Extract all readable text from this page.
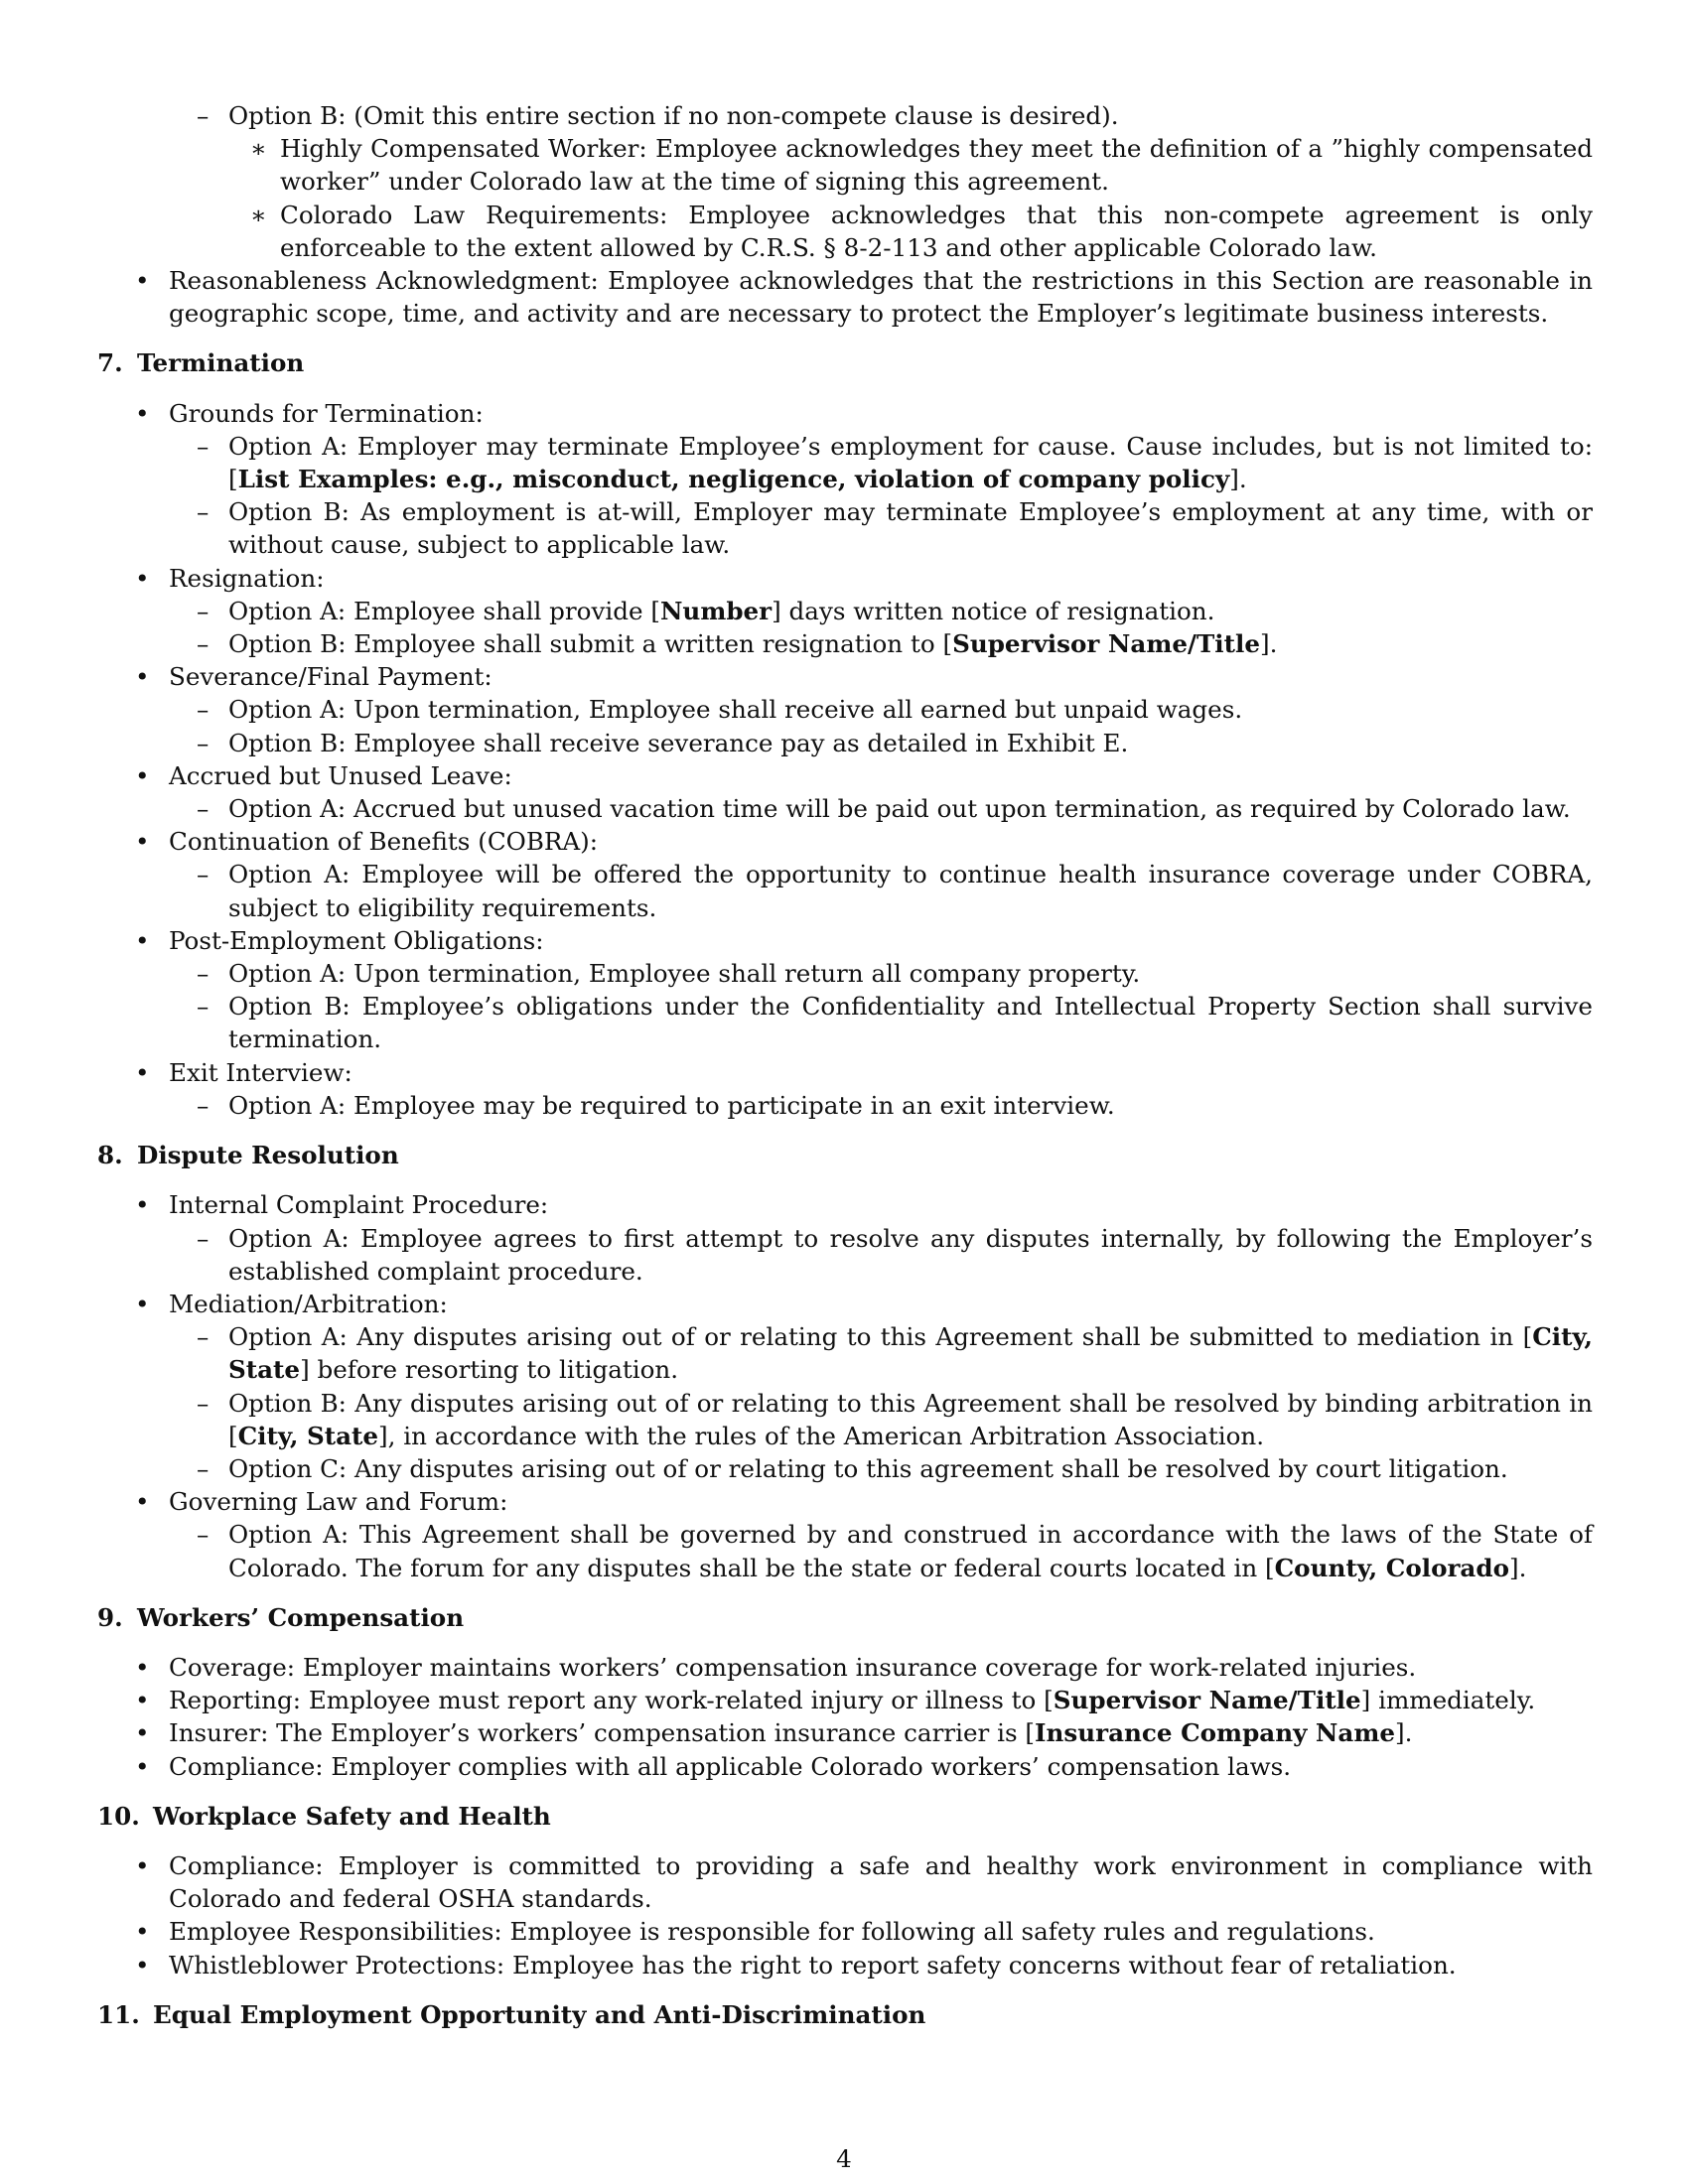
– Option B: (Omit this entire section if no non-compete clause is desired).
∗ Highly Compensated Worker: Employee acknowledges they meet the definition of a ”highly compensated worker” under Colorado law at the time of signing this agreement.
∗ Colorado Law Requirements: Employee acknowledges that this non-compete agreement is only enforceable to the extent allowed by C.R.S. § 8-2-113 and other applicable Colorado law.
• Reasonableness Acknowledgment: Employee acknowledges that the restrictions in this Section are reasonable in geographic scope, time, and activity and are necessary to protect the Employer’s legitimate business interests.
7. Termination
• Grounds for Termination:
– Option A: Employer may terminate Employee’s employment for cause. Cause includes, but is not limited to: [List Examples: e.g., misconduct, negligence, violation of company policy].
– Option B: As employment is at-will, Employer may terminate Employee’s employment at any time, with or without cause, subject to applicable law.
• Resignation:
– Option A: Employee shall provide [Number] days written notice of resignation.
– Option B: Employee shall submit a written resignation to [Supervisor Name/Title].
• Severance/Final Payment:
– Option A: Upon termination, Employee shall receive all earned but unpaid wages.
– Option B: Employee shall receive severance pay as detailed in Exhibit E.
• Accrued but Unused Leave:
– Option A: Accrued but unused vacation time will be paid out upon termination, as required by Colorado law.
• Continuation of Benefits (COBRA):
– Option A: Employee will be offered the opportunity to continue health insurance coverage under COBRA, subject to eligibility requirements.
• Post-Employment Obligations:
– Option A: Upon termination, Employee shall return all company property.
– Option B: Employee’s obligations under the Confidentiality and Intellectual Property Section shall survive termination.
• Exit Interview:
– Option A: Employee may be required to participate in an exit interview.
8. Dispute Resolution
• Internal Complaint Procedure:
– Option A: Employee agrees to first attempt to resolve any disputes internally, by following the Employer’s established complaint procedure.
• Mediation/Arbitration:
– Option A: Any disputes arising out of or relating to this Agreement shall be submitted to mediation in [City, State] before resorting to litigation.
– Option B: Any disputes arising out of or relating to this Agreement shall be resolved by binding arbitration in [City, State], in accordance with the rules of the American Arbitration Association.
– Option C: Any disputes arising out of or relating to this agreement shall be resolved by court litigation.
• Governing Law and Forum:
– Option A: This Agreement shall be governed by and construed in accordance with the laws of the State of Colorado. The forum for any disputes shall be the state or federal courts located in [County, Colorado].
9. Workers’ Compensation
• Coverage: Employer maintains workers’ compensation insurance coverage for work-related injuries.
• Reporting: Employee must report any work-related injury or illness to [Supervisor Name/Title] immediately.
• Insurer: The Employer’s workers’ compensation insurance carrier is [Insurance Company Name].
• Compliance: Employer complies with all applicable Colorado workers’ compensation laws.
10. Workplace Safety and Health
• Compliance: Employer is committed to providing a safe and healthy work environment in compliance with Colorado and federal OSHA standards.
• Employee Responsibilities: Employee is responsible for following all safety rules and regulations.
• Whistleblower Protections: Employee has the right to report safety concerns without fear of retaliation.
11. Equal Employment Opportunity and Anti-Discrimination
4
